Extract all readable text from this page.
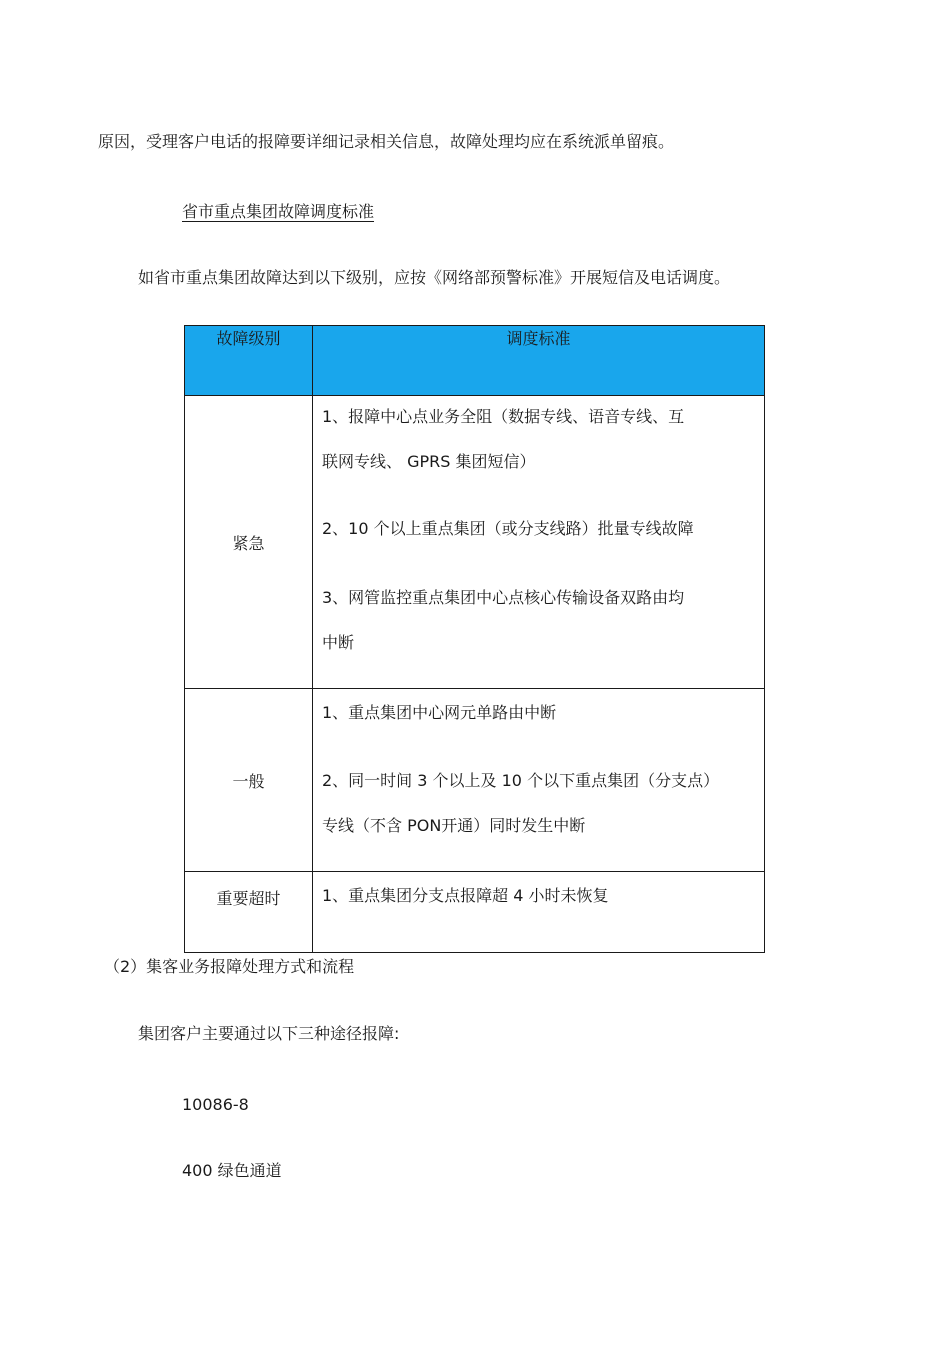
原因，受理客户电话的报障要详细记录相关信息，故障处理均应在系统派单留痕。
省市重点集团故障调度标准
如省市重点集团故障达到以下级别，应按《网络部预警标准》开展短信及电话调度。
故障级别	调度标准
紧急	1、报障中心点业务全阻（数据专线、语音专线、互

联网专线、 GPRS 集团短信）

2、10 个以上重点集团（或分支线路）批量专线故障

3、网管监控重点集团中心点核心传输设备双路由均

中断

一般	1、重点集团中心网元单路由中断

2、同一时间 3 个以上及 10 个以下重点集团（分支点）

专线（不含 PON开通）同时发生中断

重要超时	1、重点集团分支点报障超 4 小时未恢复

（2）集客业务报障处理方式和流程
集团客户主要通过以下三种途径报障:
10086-8
400 绿色通道
